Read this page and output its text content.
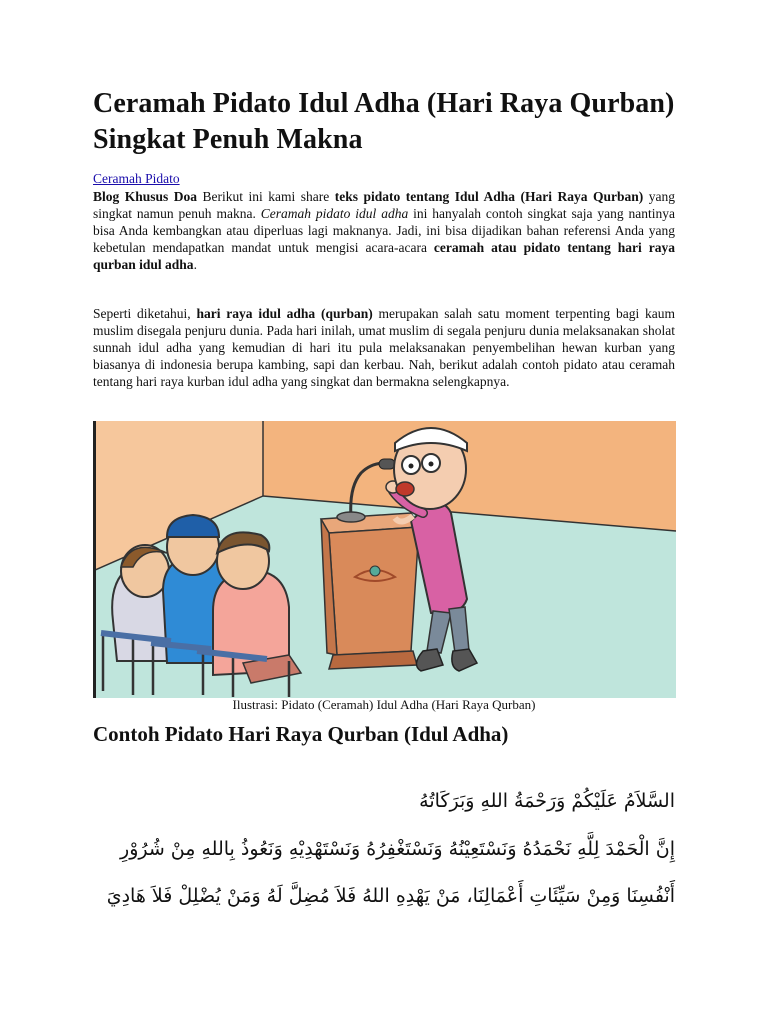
Ceramah Pidato Idul Adha (Hari Raya Qurban) Singkat Penuh Makna
Ceramah Pidato

Blog Khusus Doa Berikut ini kami share teks pidato tentang Idul Adha (Hari Raya Qurban) yang singkat namun penuh makna. Ceramah pidato idul adha ini hanyalah contoh singkat saja yang nantinya bisa Anda kembangkan atau diperluas lagi maknanya. Jadi, ini bisa dijadikan bahan referensi Anda yang kebetulan mendapatkan mandat untuk mengisi acara-acara ceramah atau pidato tentang hari raya qurban idul adha.

Seperti diketahui, hari raya idul adha (qurban) merupakan salah satu moment terpenting bagi kaum muslim disegala penjuru dunia. Pada hari inilah, umat muslim di segala penjuru dunia melaksanakan sholat sunnah idul adha yang kemudian di hari itu pula melaksanakan penyembelihan hewan kurban yang biasanya di indonesia berupa kambing, sapi dan kerbau. Nah, berikut adalah contoh pidato atau ceramah tentang hari raya kurban idul adha yang singkat dan bermakna selengkapnya.

Ilustrasi: Pidato (Ceramah) Idul Adha (Hari Raya Qurban)
Contoh Pidato Hari Raya Qurban (Idul Adha)
السَّلاَمُ عَلَيْكُمْ وَرَحْمَةُ اللهِ وَبَرَكَاتُهُ
إِنَّ الْحَمْدَ لِلَّهِ نَحْمَدُهُ وَنَسْتَعِيْنُهُ وَنَسْتَغْفِرُهُ وَنَسْتَهْدِيْهِ وَنَعُوذُ بِاللهِ مِنْ شُرُوْرِ
أَنْفُسِنَا وَمِنْ سَيِّئَاتِ أَعْمَالِنَا، مَنْ يَهْدِهِ اللهُ فَلاَ مُضِلَّ لَهُ وَمَنْ يُضْلِلْ فَلاَ هَادِيَ
